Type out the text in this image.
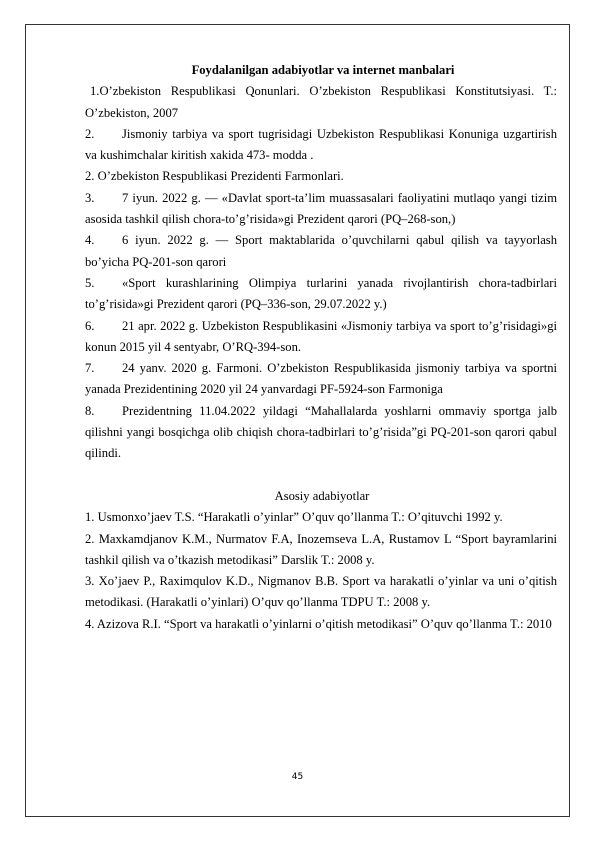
Foydalanilgan adabiyotlar va internet manbalari
1.O’zbekiston Respublikasi Qonunlari. O’zbekiston Respublikasi Konstitutsiyasi. T.: O’zbekiston, 2007
2. Jismoniy tarbiya va sport tugrisidagi Uzbekiston Respublikasi Konuniga uzgartirish va kushimchalar kiritish xakida 473- modda .
2. O’zbekiston Respublikasi Prezidenti Farmonlari.
3. 7 iyun. 2022 g. — «Davlat sport-ta’lim muassasalari faoliyatini mutlaqo yangi tizim asosida tashkil qilish chora-to’g’risida»gi Prezident qarori (PQ–268-son,)
4. 6 iyun. 2022 g. — Sport maktablarida o’quvchilarni qabul qilish va tayyorlash bo’yicha PQ-201-son qarori
5. «Sport kurashlarining Olimpiya turlarini yanada rivojlantirish chora-tadbirlari to’g’risida»gi Prezident qarori (PQ–336-son, 29.07.2022 y.)
6. 21 apr. 2022 g. Uzbekiston Respublikasini «Jismoniy tarbiya va sport to’g’risidagi»gi konun 2015 yil 4 sentyabr, O’RQ-394-son.
7. 24 yanv. 2020 g. Farmoni. O’zbekiston Respublikasida jismoniy tarbiya va sportni yanada Prezidentining 2020 yil 24 yanvardagi PF-5924-son Farmoniga
8. Prezidentning 11.04.2022 yildagi “Mahallalarda yoshlarni ommaviy sportga jalb qilishni yangi bosqichga olib chiqish chora-tadbirlari to’g’risida”gi PQ-201-son qarori qabul qilindi.
Asosiy adabiyotlar
1. Usmonxo’jaev T.S. “Harakatli o’yinlar” O’quv qo’llanma T.: O’qituvchi 1992 y.
2. Maxkamdjanov K.M., Nurmatov F.A, Inozemseva L.A, Rustamov L “Sport bayramlarini tashkil qilish va o’tkazish metodikasi” Darslik T.: 2008 y.
3. Xo’jaev P., Raximqulov K.D., Nigmanov B.B. Sport va harakatli o’yinlar va uni o’qitish metodikasi. (Harakatli o’yinlari) O’quv qo’llanma TDPU T.: 2008 y.
4. Azizova R.I. “Sport va harakatli o’yinlarni o’qitish metodikasi” O’quv qo’llanma T.: 2010
45
